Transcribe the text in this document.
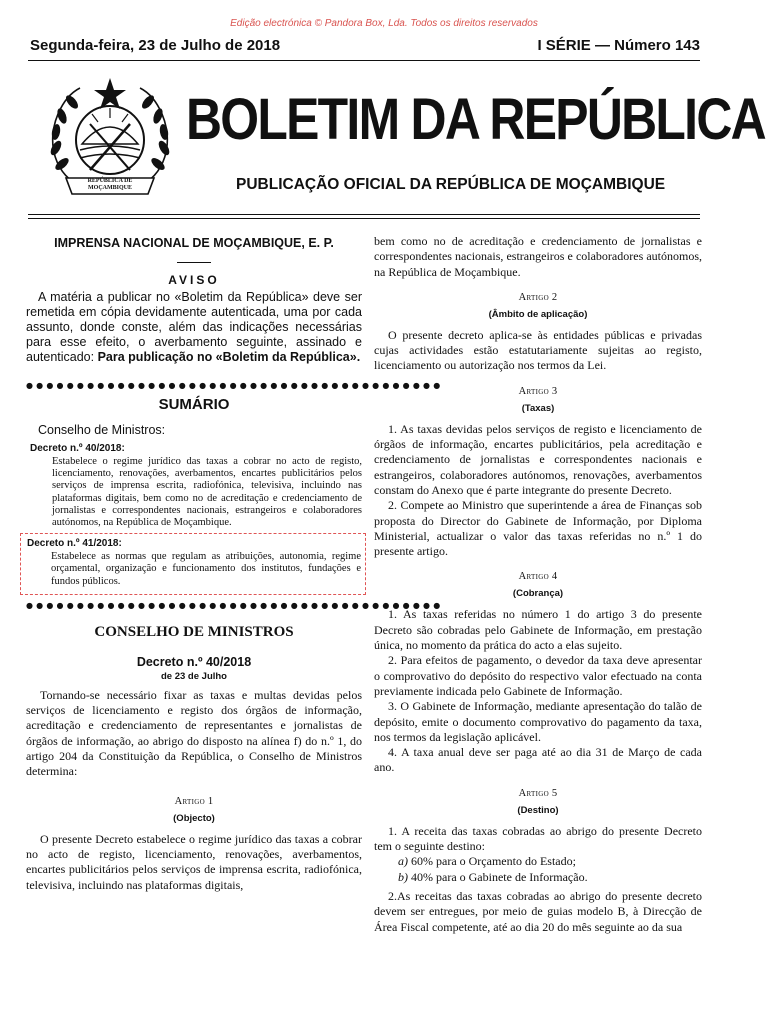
Edição electrónica © Pandora Box, Lda. Todos os direitos reservados
Segunda-feira, 23 de Julho de 2018	I SÉRIE — Número 143
REPÚBLICA DE MOÇAMBIQUE
BOLETIM DA REPÚBLICA
PUBLICAÇÃO OFICIAL DA REPÚBLICA DE MOÇAMBIQUE
IMPRENSA NACIONAL DE MOÇAMBIQUE, E. P.
AVISO

A matéria a publicar no «Boletim da República» deve ser remetida em cópia devidamente autenticada, uma por cada assunto, donde conste, além das indicações necessárias para esse efeito, o averbamento seguinte, assinado e autenticado: Para publicação no «Boletim da República».

●●●●●●●●●●●●●●●●●●●●●●●●●●●●●●●●●●●●●●●●●
SUMÁRIO
Conselho de Ministros:
Decreto n.º 40/2018:
Estabelece o regime jurídico das taxas a cobrar no acto de registo, licenciamento, renovações, averbamentos, encartes publicitários pelos serviços de imprensa escrita, radiofónica, televisiva, incluindo nas plataformas digitais, bem como no de acreditação e credenciamento de jornalistas e correspondentes nacionais, estrangeiros e colaboradores autónomos, na República de Moçambique.
Decreto n.º 41/2018:
Estabelece as normas que regulam as atribuições, autonomia, regime orçamental, organização e funcionamento dos institutos, fundações e fundos públicos.
●●●●●●●●●●●●●●●●●●●●●●●●●●●●●●●●●●●●●●●●●
CONSELHO DE MINISTROS
Decreto n.º 40/2018
de 23 de Julho

Tornando-se necessário fixar as taxas e multas devidas pelos serviços de licenciamento e registo dos órgãos de informação, acreditação e credenciamento de representantes e jornalistas de órgãos de informação, ao abrigo do disposto na alínea f) do n.º 1, do artigo 204 da Constituição da República, o Conselho de Ministros determina:

Artigo 1
(Objecto)

O presente Decreto estabelece o regime jurídico das taxas a cobrar no acto de registo, licenciamento, renovações, averbamentos, encartes publicitários pelos serviços de imprensa escrita, radiofónica, televisiva, incluindo nas plataformas digitais,

bem como no de acreditação e credenciamento de jornalistas e correspondentes nacionais, estrangeiros e colaboradores autónomos, na República de Moçambique.

Artigo 2
(Âmbito de aplicação)

O presente decreto aplica-se às entidades públicas e privadas cujas actividades estão estatutariamente sujeitas ao registo, licenciamento ou autorização nos termos da Lei.

Artigo 3
(Taxas)

1. As taxas devidas pelos serviços de registo e licenciamento de órgãos de informação, encartes publicitários, pela acreditação e credenciamento de jornalistas e correspondentes nacionais e estrangeiros, colaboradores autónomos, renovações, averbamentos constam do Anexo que é parte integrante do presente Decreto.

2. Compete ao Ministro que superintende a área de Finanças sob proposta do Director do Gabinete de Informação, por Diploma Ministerial, actualizar o valor das taxas referidas no n.º 1 do presente artigo.

Artigo 4
(Cobrança)

1. As taxas referidas no número 1 do artigo 3 do presente Decreto são cobradas pelo Gabinete de Informação, em prestação única, no momento da prática do acto a elas sujeito.

2. Para efeitos de pagamento, o devedor da taxa deve apresentar o comprovativo do depósito do respectivo valor efectuado na conta previamente indicada pelo Gabinete de Informação.

3. O Gabinete de Informação, mediante apresentação do talão de depósito, emite o documento comprovativo do pagamento da taxa, nos termos da legislação aplicável.

4. A taxa anual deve ser paga até ao dia 31 de Março de cada ano.

Artigo 5
(Destino)

1. A receita das taxas cobradas ao abrigo do presente Decreto tem o seguinte destino:

a) 60% para o Orçamento do Estado;
b) 40% para o Gabinete de Informação.

2.As receitas das taxas cobradas ao abrigo do presente decreto devem ser entregues, por meio de guias modelo B, à Direcção de Área Fiscal competente, até ao dia 20 do mês seguinte ao da sua
